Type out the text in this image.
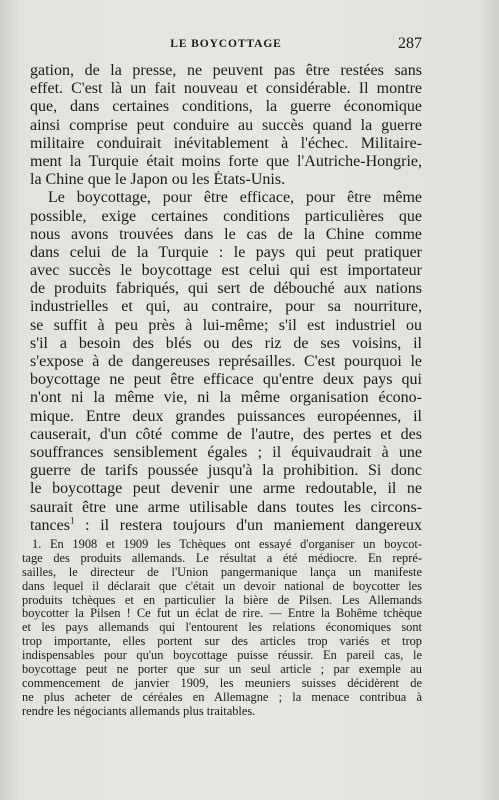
LE BOYCOTTAGE	287
gation, de la presse, ne peuvent pas être restées sans
effet. C'est là un fait nouveau et considérable. Il montre
que, dans certaines conditions, la guerre économique
ainsi comprise peut conduire au succès quand la guerre
militaire conduirait inévitablement à l'échec. Militaire-
ment la Turquie était moins forte que l'Autriche-Hongrie,
la Chine que le Japon ou les États-Unis.
Le boycottage, pour être efficace, pour être même
possible, exige certaines conditions particulières que
nous avons trouvées dans le cas de la Chine comme
dans celui de la Turquie : le pays qui peut pratiquer
avec succès le boycottage est celui qui est importateur
de produits fabriqués, qui sert de débouché aux nations
industrielles et qui, au contraire, pour sa nourriture,
se suffit à peu près à lui-même; s'il est industriel ou
s'il a besoin des blés ou des riz de ses voisins, il
s'expose à de dangereuses représailles. C'est pourquoi le
boycottage ne peut être efficace qu'entre deux pays qui
n'ont ni la même vie, ni la même organisation écono-
mique. Entre deux grandes puissances européennes, il
causerait, d'un côté comme de l'autre, des pertes et des
souffrances sensiblement égales ; il équivaudrait à une
guerre de tarifs poussée jusqu'à la prohibition. Si donc
le boycottage peut devenir une arme redoutable, il ne
saurait être une arme utilisable dans toutes les circons-
tances$^1$ : il restera toujours d'un maniement dangereux
1. En 1908 et 1909 les Tchèques ont essayé d'organiser un boycot-
tage des produits allemands. Le résultat a été médiocre. En repré-
sailles, le directeur de l'Union pangermanique lança un manifeste
dans lequel il déclarait que c'était un devoir national de boycotter les
produits tchèques et en particulier la bière de Pilsen. Les Allemands
boycotter la Pilsen ! Ce fut un éclat de rire. — Entre la Bohême tchèque
et les pays allemands qui l'entourent les relations économiques sont
trop importante, elles portent sur des articles trop variés et trop
indispensables pour qu'un boycottage puisse réussir. En pareil cas, le
boycottage peut ne porter que sur un seul article ; par exemple au
commencement de janvier 1909, les meuniers suisses décidèrent de
ne plus acheter de céréales en Allemagne ; la menace contribua à
rendre les négociants allemands plus traitables.
